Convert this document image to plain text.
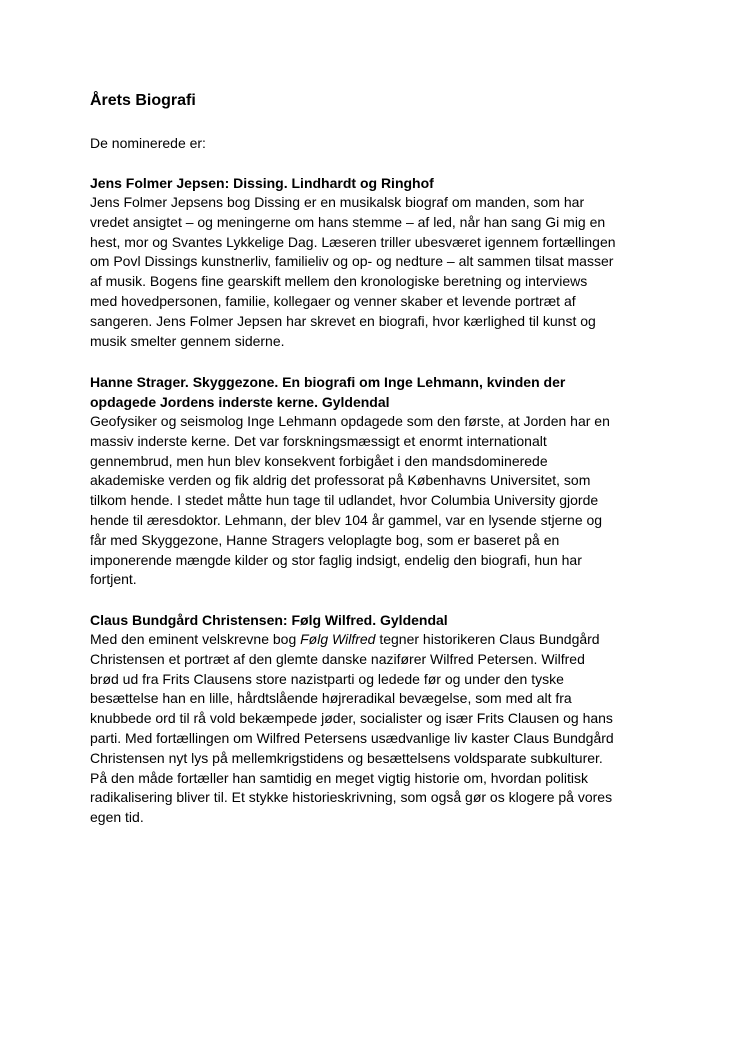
Årets Biografi

De nominerede er:

Jens Folmer Jepsen: Dissing. Lindhardt og Ringhof

Jens Folmer Jepsens bog Dissing er en musikalsk biograf om manden, som har
vredet ansigtet – og meningerne om hans stemme – af led, når han sang Gi mig en
hest, mor og Svantes Lykkelige Dag. Læseren triller ubesværet igennem fortællingen
om Povl Dissings kunstnerliv, familieliv og op- og nedture – alt sammen tilsat masser
af musik. Bogens fine gearskift mellem den kronologiske beretning og interviews
med hovedpersonen, familie, kollegaer og venner skaber et levende portræt af
sangeren. Jens Folmer Jepsen har skrevet en biografi, hvor kærlighed til kunst og
musik smelter gennem siderne.

Hanne Strager. Skyggezone. En biografi om Inge Lehmann, kvinden der
opdagede Jordens inderste kerne. Gyldendal

Geofysiker og seismolog Inge Lehmann opdagede som den første, at Jorden har en
massiv inderste kerne. Det var forskningsmæssigt et enormt internationalt
gennembrud, men hun blev konsekvent forbigået i den mandsdominerede
akademiske verden og fik aldrig det professorat på Københavns Universitet, som
tilkom hende. I stedet måtte hun tage til udlandet, hvor Columbia University gjorde
hende til æresdoktor. Lehmann, der blev 104 år gammel, var en lysende stjerne og
får med Skyggezone, Hanne Stragers veloplagte bog, som er baseret på en
imponerende mængde kilder og stor faglig indsigt, endelig den biografi, hun har
fortjent.

Claus Bundgård Christensen: Følg Wilfred. Gyldendal

Med den eminent velskrevne bog Følg Wilfred tegner historikeren Claus Bundgård
Christensen et portræt af den glemte danske nazifører Wilfred Petersen. Wilfred
brød ud fra Frits Clausens store nazistparti og ledede før og under den tyske
besættelse han en lille, hårdtslående højreradikal bevægelse, som med alt fra
knubbede ord til rå vold bekæmpede jøder, socialister og især Frits Clausen og hans
parti. Med fortællingen om Wilfred Petersens usædvanlige liv kaster Claus Bundgård
Christensen nyt lys på mellemkrigstidens og besættelsens voldsparate subkulturer.
På den måde fortæller han samtidig en meget vigtig historie om, hvordan politisk
radikalisering bliver til. Et stykke historieskrivning, som også gør os klogere på vores
egen tid.
